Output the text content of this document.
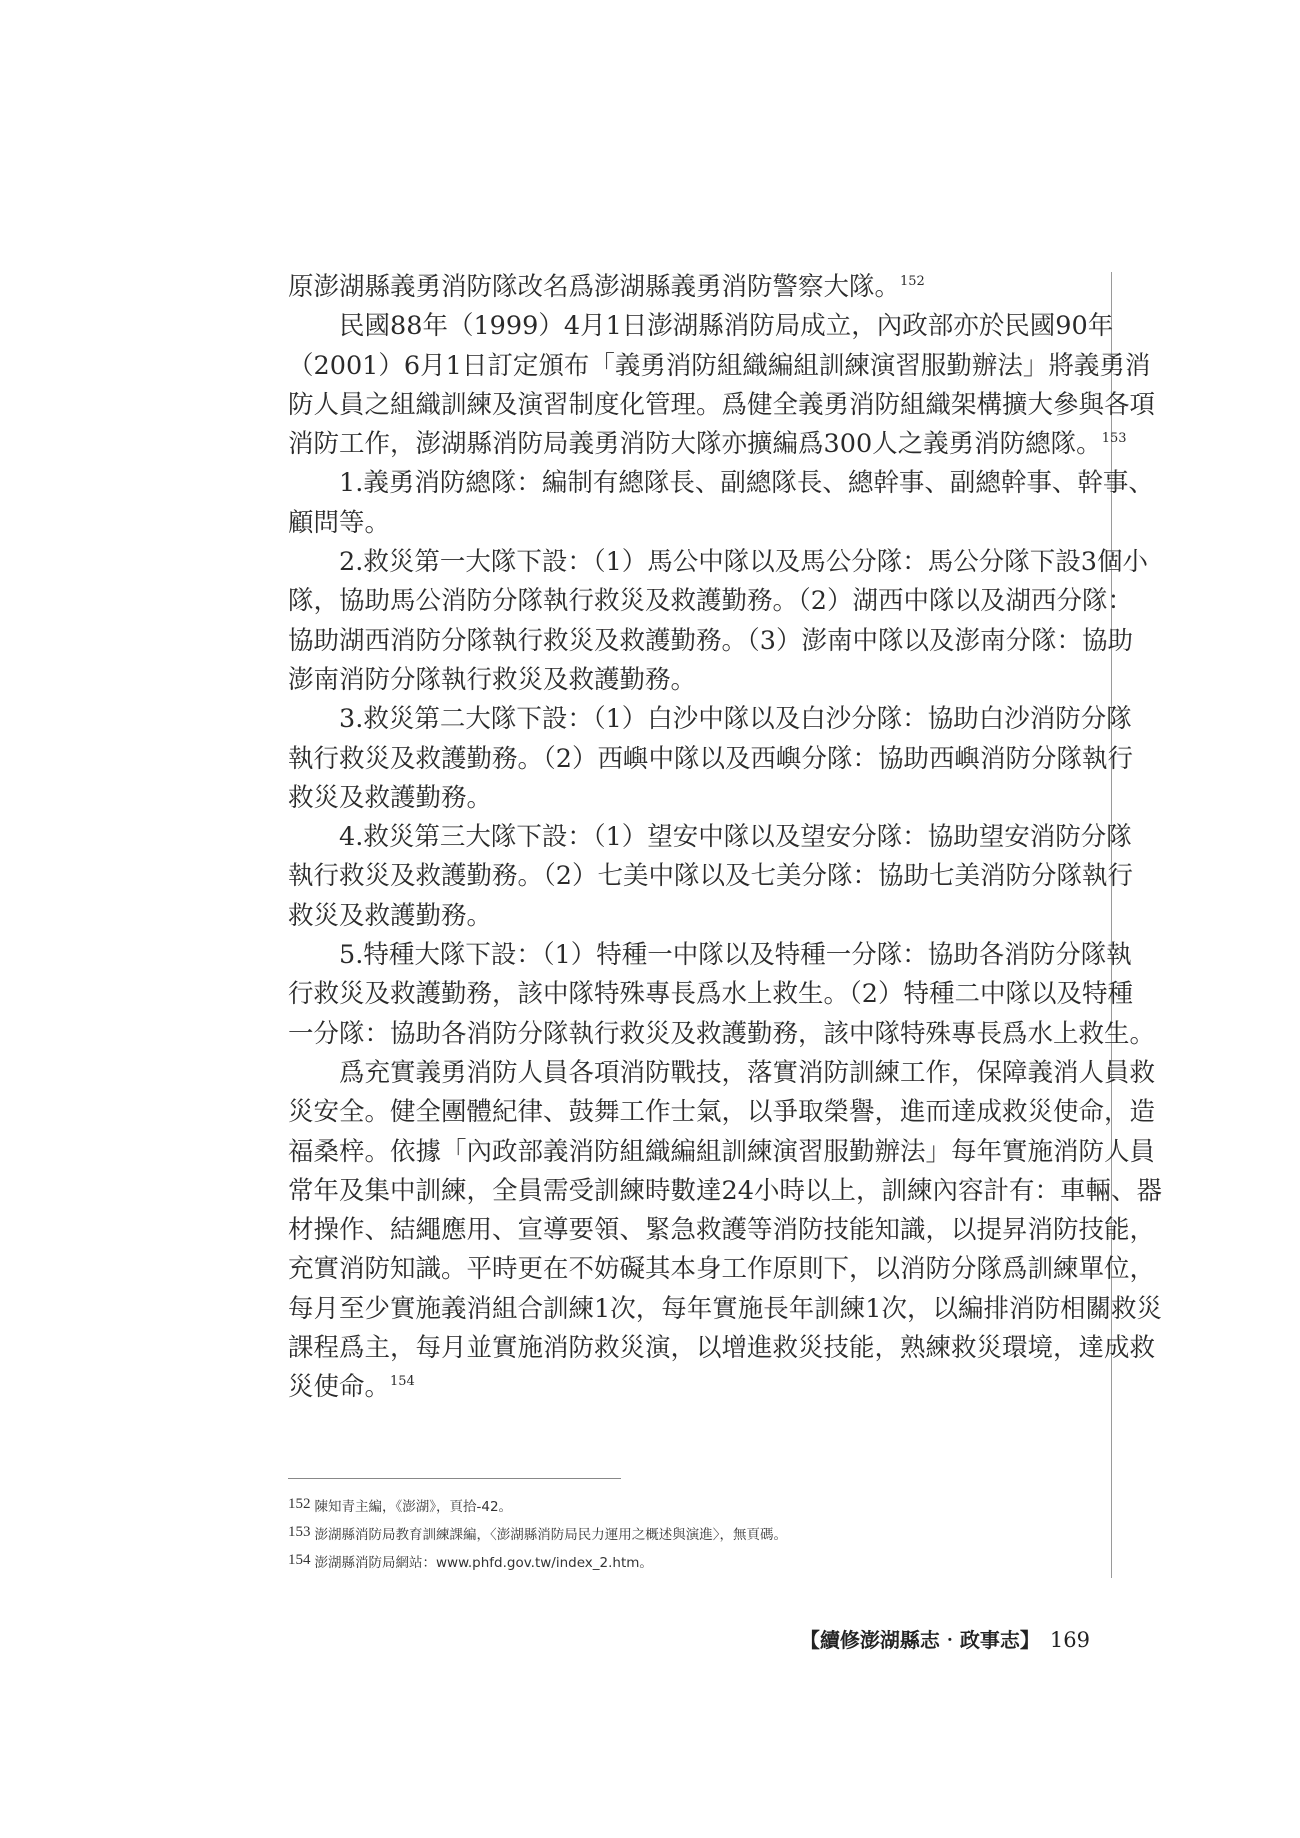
原澎湖縣義勇消防隊改名爲澎湖縣義勇消防警察大隊。$^{152}$
民國88年（1999）4月1日澎湖縣消防局成立，內政部亦於民國90年
（2001）6月1日訂定頒布「義勇消防組織編組訓練演習服勤辦法」將義勇消
防人員之組織訓練及演習制度化管理。爲健全義勇消防組織架構擴大參與各項
消防工作，澎湖縣消防局義勇消防大隊亦擴編爲300人之義勇消防總隊。$^{153}$
1.義勇消防總隊：編制有總隊長、副總隊長、總幹事、副總幹事、幹事、
顧問等。
2.救災第一大隊下設：（1）馬公中隊以及馬公分隊：馬公分隊下設3個小
隊，協助馬公消防分隊執行救災及救護勤務。（2）湖西中隊以及湖西分隊：
協助湖西消防分隊執行救災及救護勤務。（3）澎南中隊以及澎南分隊：協助
澎南消防分隊執行救災及救護勤務。
3.救災第二大隊下設：（1）白沙中隊以及白沙分隊：協助白沙消防分隊
執行救災及救護勤務。（2）西嶼中隊以及西嶼分隊：協助西嶼消防分隊執行
救災及救護勤務。
4.救災第三大隊下設：（1）望安中隊以及望安分隊：協助望安消防分隊
執行救災及救護勤務。（2）七美中隊以及七美分隊：協助七美消防分隊執行
救災及救護勤務。
5.特種大隊下設：（1）特種一中隊以及特種一分隊：協助各消防分隊執
行救災及救護勤務，該中隊特殊專長爲水上救生。（2）特種二中隊以及特種
一分隊：協助各消防分隊執行救災及救護勤務，該中隊特殊專長爲水上救生。
爲充實義勇消防人員各項消防戰技，落實消防訓練工作，保障義消人員救
災安全。健全團體紀律、鼓舞工作士氣，以爭取榮譽，進而達成救災使命，造
福桑梓。依據「內政部義消防組織編組訓練演習服勤辦法」每年實施消防人員
常年及集中訓練，全員需受訓練時數達24小時以上，訓練內容計有：車輛、器
材操作、結繩應用、宣導要領、緊急救護等消防技能知識，以提昇消防技能，
充實消防知識。平時更在不妨礙其本身工作原則下，以消防分隊爲訓練單位，
每月至少實施義消組合訓練1次，每年實施長年訓練1次，以編排消防相關救災
課程爲主，每月並實施消防救災演，以增進救災技能，熟練救災環境，達成救
災使命。$^{154}$
152 陳知青主編，《澎湖》，頁拾-42。
153 澎湖縣消防局教育訓練課編，〈澎湖縣消防局民力運用之概述與演進〉，無頁碼。
154 澎湖縣消防局網站：www.phfd.gov.tw/index_2.htm。
【續修澎湖縣志‧政事志】 169
